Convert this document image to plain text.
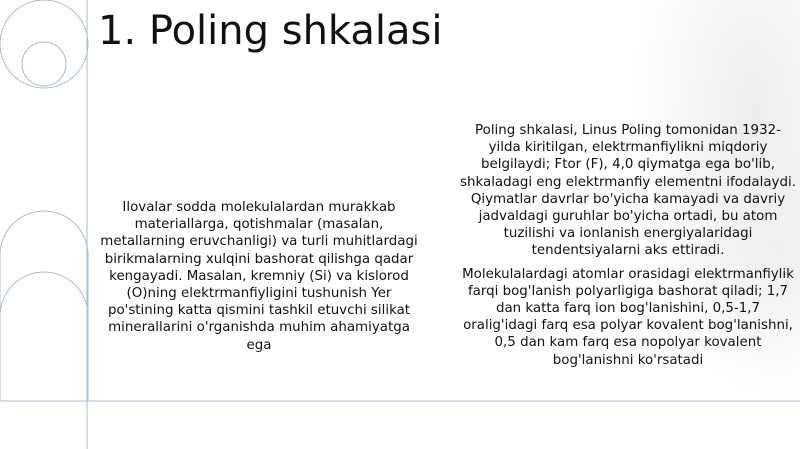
1. Poling shkalasi

Ilovalar sodda molekulalardan murakkab materiallarga, qotishmalar (masalan, metallarning eruvchanligi) va turli muhitlardagi birikmalarning xulqini bashorat qilishga qadar kengayadi. Masalan, kremniy (Si) va kislorod (O)ning elektrmanfiyligini tushunish Yer po'stining katta qismini tashkil etuvchi silikat minerallarini o'rganishda muhim ahamiyatga ega

Poling shkalasi, Linus Poling tomonidan 1932-yilda kiritilgan, elektrmanfiylikni miqdoriy belgilaydi; Ftor (F), 4,0 qiymatga ega bo'lib, shkaladagi eng elektrmanfiy elementni ifodalaydi. Qiymatlar davrlar bo'yicha kamayadi va davriy jadvaldagi guruhlar bo'yicha ortadi, bu atom tuzilishi va ionlanish energiyalaridagi tendentsiyalarni aks ettiradi.

Molekulalardagi atomlar orasidagi elektrmanfiylik farqi bog'lanish polyarligiga bashorat qiladi; 1,7 dan katta farq ion bog'lanishini, 0,5-1,7 oralig'idagi farq esa polyar kovalent bog'lanishni, 0,5 dan kam farq esa nopolyar kovalent bog'lanishni ko'rsatadi
